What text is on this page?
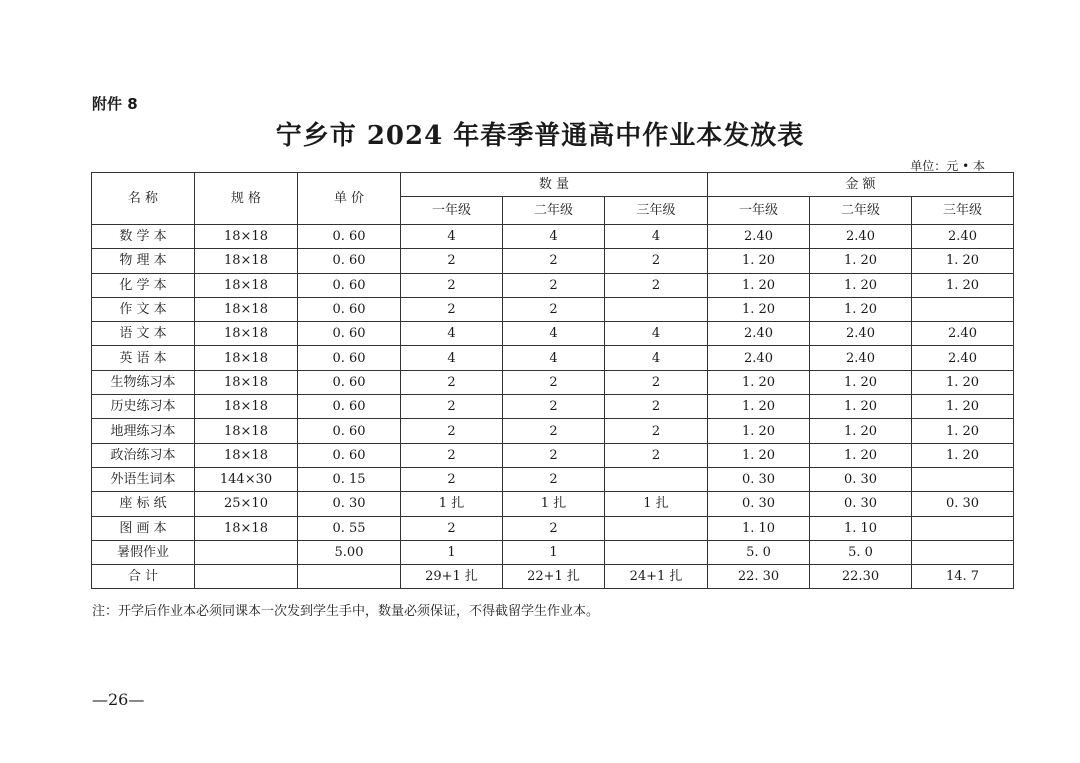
附件 8
宁乡市 2024 年春季普通高中作业本发放表
单位：元 • 本
名 称	规 格	单 价	数 量			金 额		
			一年级	二年级	三年级	一年级	二年级	三年级
数 学 本	18×18	0. 60	4	4	4	2.40	2.40	2.40
物 理 本	18×18	0. 60	2	2	2	1. 20	1. 20	1. 20
化 学 本	18×18	0. 60	2	2	2	1. 20	1. 20	1. 20
作 文 本	18×18	0. 60	2	2		1. 20	1. 20	
语 文 本	18×18	0. 60	4	4	4	2.40	2.40	2.40
英 语 本	18×18	0. 60	4	4	4	2.40	2.40	2.40
生物练习本	18×18	0. 60	2	2	2	1. 20	1. 20	1. 20
历史练习本	18×18	0. 60	2	2	2	1. 20	1. 20	1. 20
地理练习本	18×18	0. 60	2	2	2	1. 20	1. 20	1. 20
政治练习本	18×18	0. 60	2	2	2	1. 20	1. 20	1. 20
外语生词本	144×30	0. 15	2	2		0. 30	0. 30	
座 标 纸	25×10	0. 30	1 扎	1 扎	1 扎	0. 30	0. 30	0. 30
图 画 本	18×18	0. 55	2	2		1. 10	1. 10	
暑假作业		5.00	1	1		5. 0	5. 0	
合 计			29+1 扎	22+1 扎	24+1 扎	22. 30	22.30	14. 7
注：开学后作业本必须同课本一次发到学生手中，数量必须保证，不得截留学生作业本。
—26—
